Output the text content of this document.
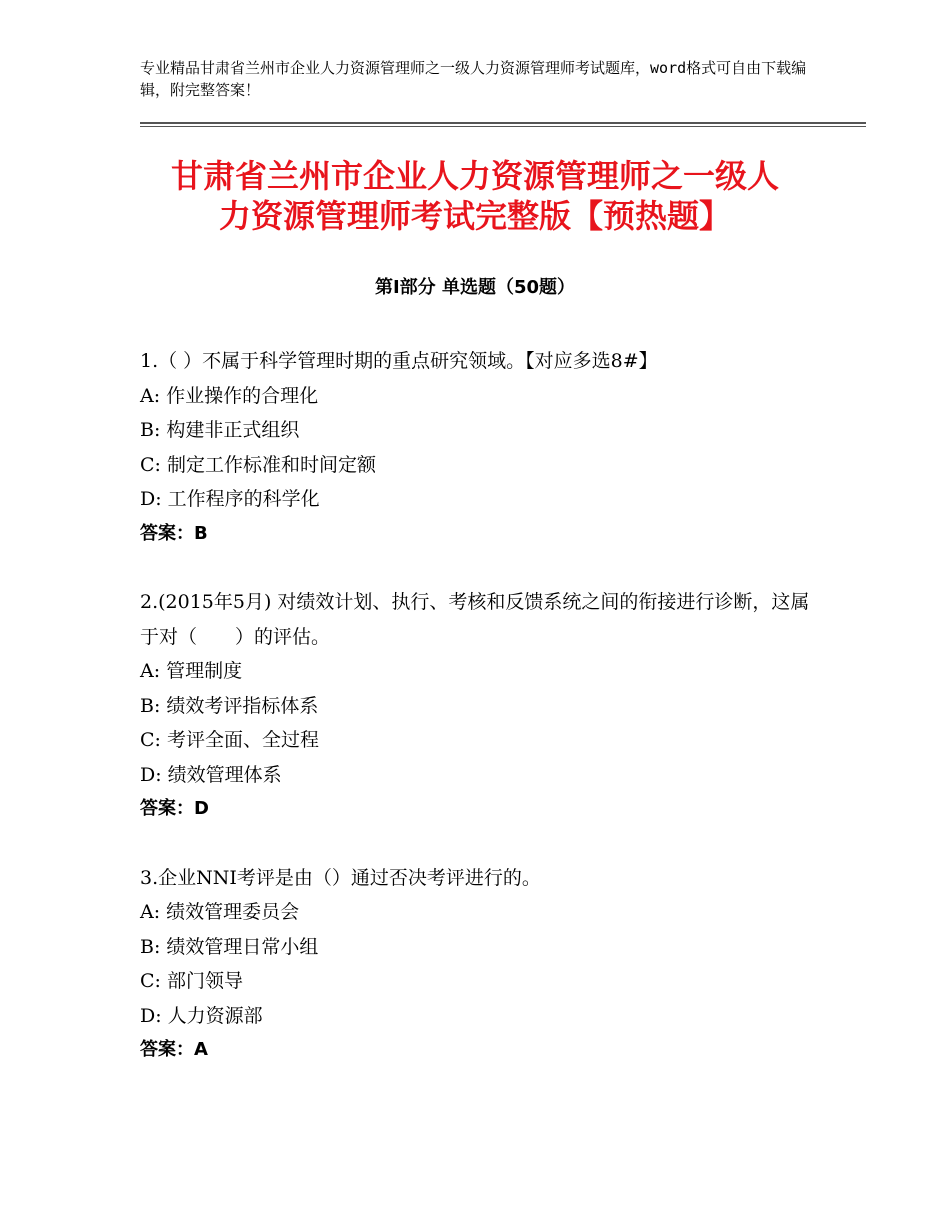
专业精品甘肃省兰州市企业人力资源管理师之一级人力资源管理师考试题库，word格式可自由下载编辑，附完整答案！
甘肃省兰州市企业人力资源管理师之一级人
力资源管理师考试完整版【预热题】
第Ⅰ部分 单选题（50题）
1.（ ）不属于科学管理时期的重点研究领域。【对应多选8#】
A: 作业操作的合理化
B: 构建非正式组织
C: 制定工作标准和时间定额
D: 工作程序的科学化
答案：B
2.(2015年5月) 对绩效计划、执行、考核和反馈系统之间的衔接进行诊断，这属于对（　　）的评估。
A: 管理制度
B: 绩效考评指标体系
C: 考评全面、全过程
D: 绩效管理体系
答案：D
3.企业NNI考评是由（）通过否决考评进行的。
A: 绩效管理委员会
B: 绩效管理日常小组
C: 部门领导
D: 人力资源部
答案：A
